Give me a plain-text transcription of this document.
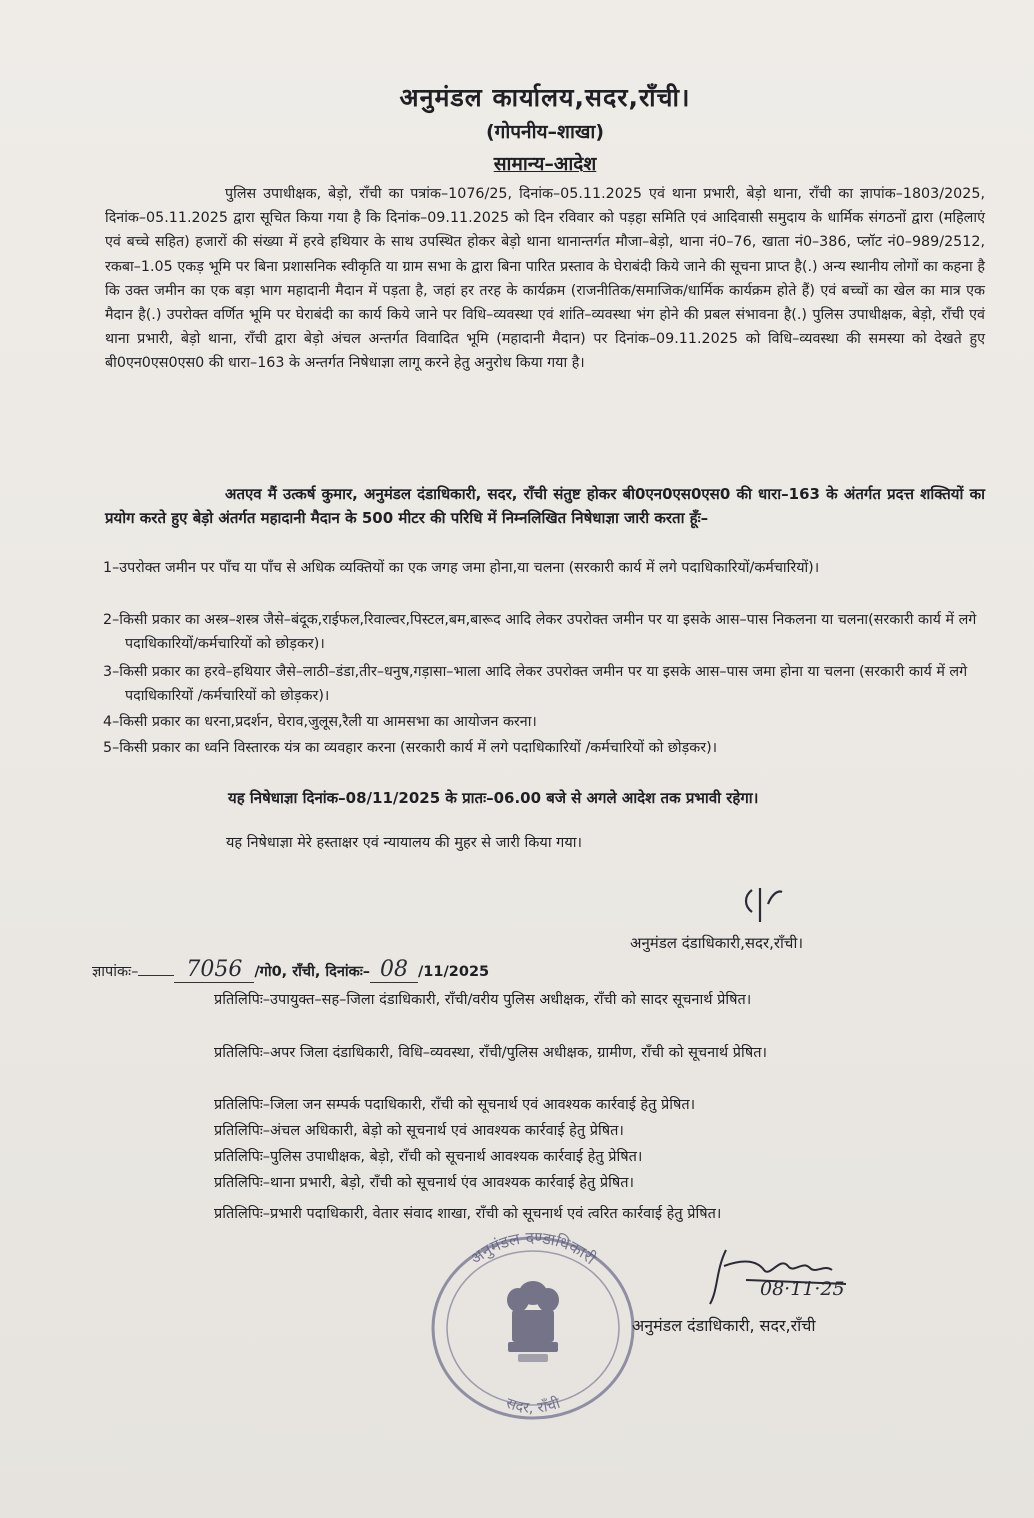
अनुमंडल कार्यालय,सदर,राँची।
(गोपनीय–शाखा)
सामान्य–आदेश
पुलिस उपाधीक्षक, बेड़ो, राँची का पत्रांक–1076/25, दिनांक–05.11.2025 एवं थाना प्रभारी, बेड़ो थाना, राँची का ज्ञापांक–1803/2025, दिनांक–05.11.2025 द्वारा सूचित किया गया है कि दिनांक–09.11.2025 को दिन रविवार को पड़हा समिति एवं आदिवासी समुदाय के धार्मिक संगठनों द्वारा (महिलाएं एवं बच्चे सहित) हजारों की संख्या में हरवे हथियार के साथ उपस्थित होकर बेड़ो थाना थानान्तर्गत मौजा–बेड़ो, थाना नं0–76, खाता नं0–386, प्लॉट नं0–989/2512, रकबा–1.05 एकड़ भूमि पर बिना प्रशासनिक स्वीकृति या ग्राम सभा के द्वारा बिना पारित प्रस्ताव के घेराबंदी किये जाने की सूचना प्राप्त है(.) अन्य स्थानीय लोगों का कहना है कि उक्त जमीन का एक बड़ा भाग महादानी मैदान में पड़ता है, जहां हर तरह के कार्यक्रम (राजनीतिक/समाजिक/धार्मिक कार्यक्रम होते हैं) एवं बच्चों का खेल का मात्र एक मैदान है(.) उपरोक्त वर्णित भूमि पर घेराबंदी का कार्य किये जाने पर विधि–व्यवस्था एवं शांति–व्यवस्था भंग होने की प्रबल संभावना है(.) पुलिस उपाधीक्षक, बेड़ो, राँची एवं थाना प्रभारी, बेड़ो थाना, राँची द्वारा बेड़ो अंचल अन्तर्गत विवादित भूमि (महादानी मैदान) पर दिनांक–09.11.2025 को विधि–व्यवस्था की समस्या को देखते हुए बी0एन0एस0एस0 की धारा–163 के अन्तर्गत निषेधाज्ञा लागू करने हेतु अनुरोध किया गया है।
अतएव मैं उत्कर्ष कुमार, अनुमंडल दंडाधिकारी, सदर, राँची संतुष्ट होकर बी0एन0एस0एस0 की धारा–163 के अंतर्गत प्रदत्त शक्तियों का प्रयोग करते हुए बेड़ो अंतर्गत महादानी मैदान के 500 मीटर की परिधि में निम्नलिखित निषेधाज्ञा जारी करता हूँः–
1–उपरोक्त जमीन पर पाँच या पाँच से अधिक व्यक्तियों का एक जगह जमा होना,या चलना (सरकारी कार्य में लगे पदाधिकारियों/कर्मचारियों)।
2–किसी प्रकार का अस्त्र–शस्त्र जैसे–बंदूक,राईफल,रिवाल्वर,पिस्टल,बम,बारूद आदि लेकर उपरोक्त जमीन पर या इसके आस–पास निकलना या चलना(सरकारी कार्य में लगे पदाधिकारियों/कर्मचारियों को छोड़कर)।
3–किसी प्रकार का हरवे–हथियार जैसे–लाठी–डंडा,तीर–धनुष,गड़ासा–भाला आदि लेकर उपरोक्त जमीन पर या इसके आस–पास जमा होना या चलना (सरकारी कार्य में लगे पदाधिकारियों /कर्मचारियों को छोड़कर)।
4–किसी प्रकार का धरना,प्रदर्शन, घेराव,जुलूस,रैली या आमसभा का आयोजन करना।
5–किसी प्रकार का ध्वनि विस्तारक यंत्र का व्यवहार करना (सरकारी कार्य में लगे पदाधिकारियों /कर्मचारियों को छोड़कर)।
यह निषेधाज्ञा दिनांक–08/11/2025 के प्रातः–06.00 बजे से अगले आदेश तक प्रभावी रहेगा।
यह निषेधाज्ञा मेरे हस्ताक्षर एवं न्यायालय की मुहर से जारी किया गया।
अनुमंडल दंडाधिकारी,सदर,राँची।
ज्ञापांकः– 7056 /गो0, राँची, दिनांकः– 08 /11/2025
प्रतिलिपिः–उपायुक्त–सह–जिला दंडाधिकारी, राँची/वरीय पुलिस अधीक्षक, राँची को सादर सूचनार्थ प्रेषित।
प्रतिलिपिः–अपर जिला दंडाधिकारी, विधि–व्यवस्था, राँची/पुलिस अधीक्षक, ग्रामीण, राँची को सूचनार्थ प्रेषित।
प्रतिलिपिः–जिला जन सम्पर्क पदाधिकारी, राँची को सूचनार्थ एवं आवश्यक कार्रवाई हेतु प्रेषित।
प्रतिलिपिः–अंचल अधिकारी, बेड़ो को सूचनार्थ एवं आवश्यक कार्रवाई हेतु प्रेषित।
प्रतिलिपिः–पुलिस उपाधीक्षक, बेड़ो, राँची को सूचनार्थ आवश्यक कार्रवाई हेतु प्रेषित।
प्रतिलिपिः–थाना प्रभारी, बेड़ो, राँची को सूचनार्थ एंव आवश्यक कार्रवाई हेतु प्रेषित।
प्रतिलिपिः–प्रभारी पदाधिकारी, वेतार संवाद शाखा, राँची को सूचनार्थ एवं त्वरित कार्रवाई हेतु प्रेषित।
अनुमंडल दण्डाधिकारी
सदर, राँची
08·11·25
अनुमंडल दंडाधिकारी, सदर,राँची
